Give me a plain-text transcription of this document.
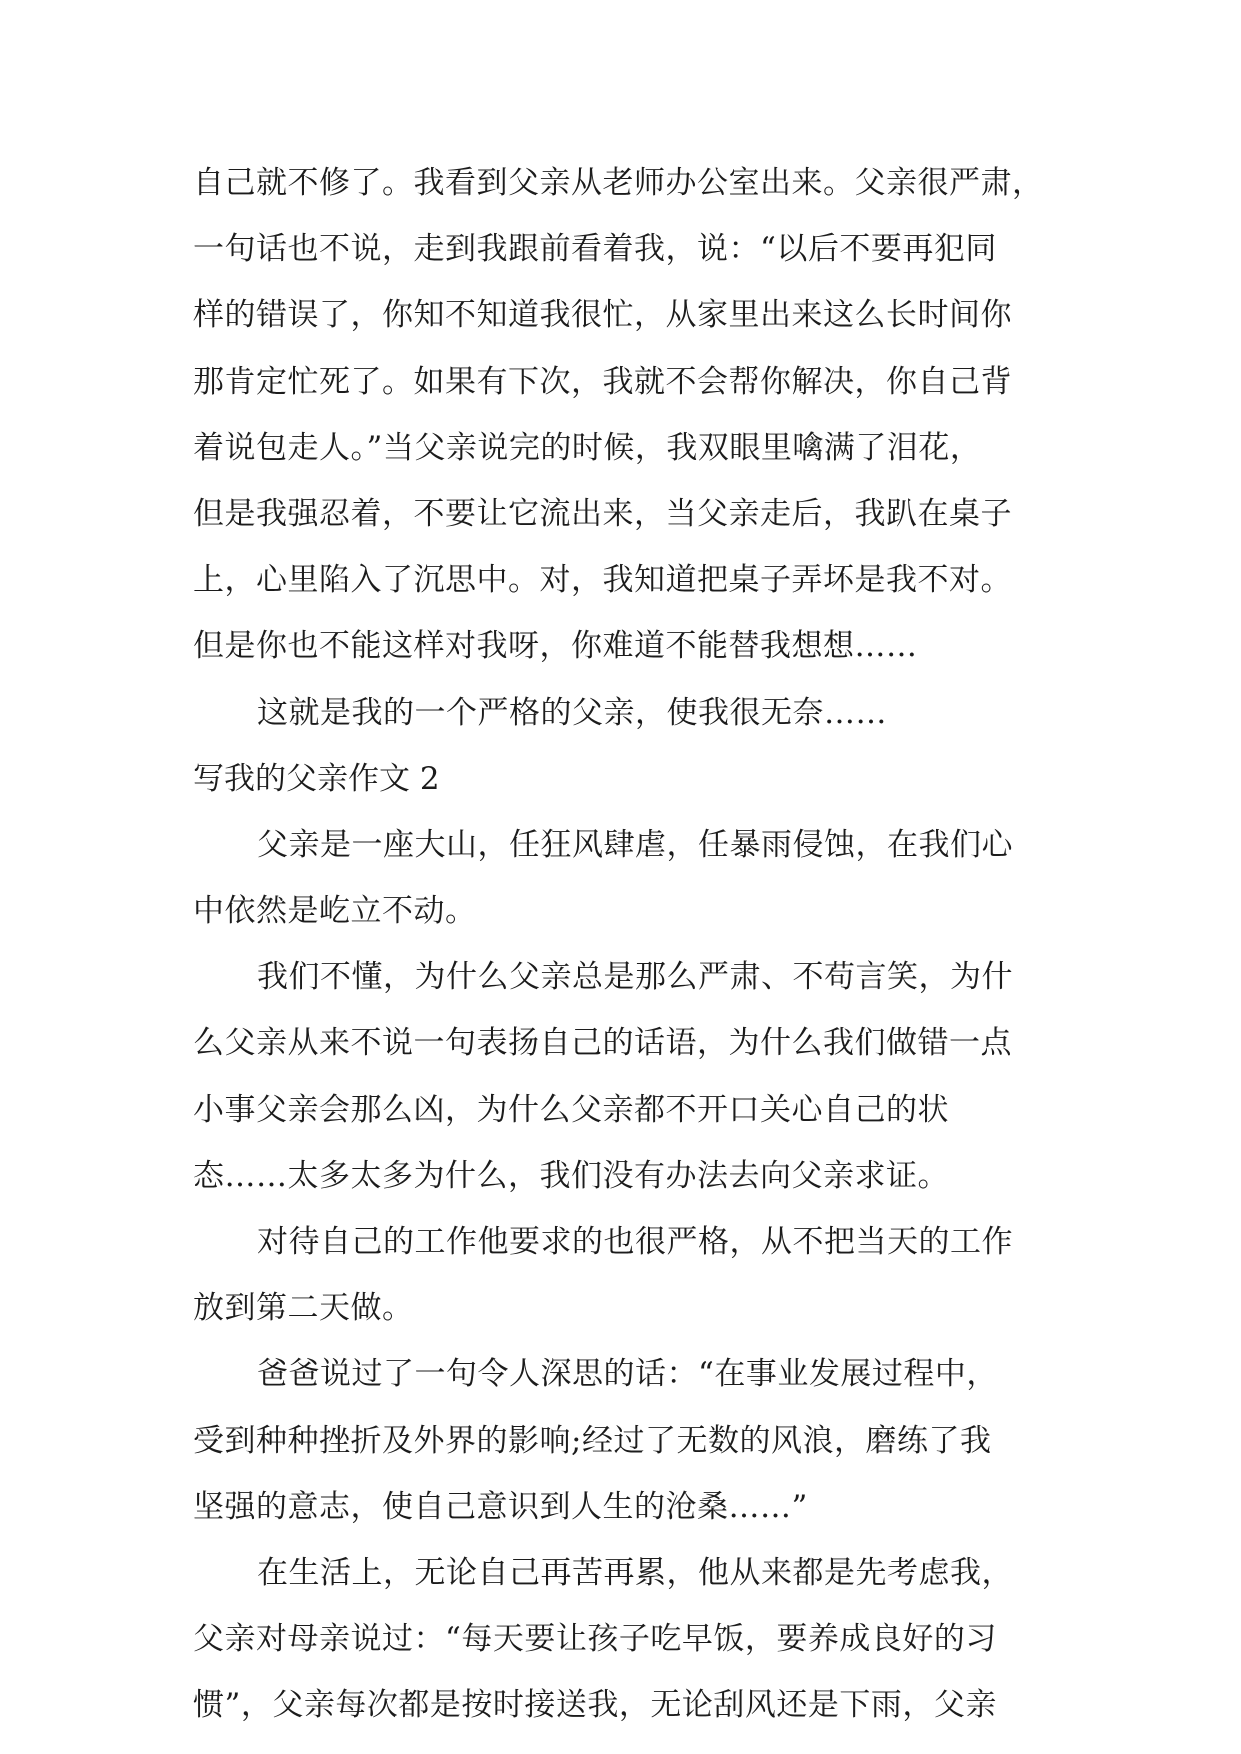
自己就不修了。我看到父亲从老师办公室出来。父亲很严肃，
一句话也不说，走到我跟前看着我，说：“以后不要再犯同
样的错误了，你知不知道我很忙，从家里出来这么长时间你
那肯定忙死了。如果有下次，我就不会帮你解决，你自己背
着说包走人。”当父亲说完的时候，我双眼里噙满了泪花，
但是我强忍着，不要让它流出来，当父亲走后，我趴在桌子
上，心里陷入了沉思中。对，我知道把桌子弄坏是我不对。
但是你也不能这样对我呀，你难道不能替我想想……
这就是我的一个严格的父亲，使我很无奈……
写我的父亲作文 2
父亲是一座大山，任狂风肆虐，任暴雨侵蚀，在我们心
中依然是屹立不动。
我们不懂，为什么父亲总是那么严肃、不苟言笑，为什
么父亲从来不说一句表扬自己的话语，为什么我们做错一点
小事父亲会那么凶，为什么父亲都不开口关心自己的状
态……太多太多为什么，我们没有办法去向父亲求证。
对待自己的工作他要求的也很严格，从不把当天的工作
放到第二天做。
爸爸说过了一句令人深思的话：“在事业发展过程中，
受到种种挫折及外界的影响;经过了无数的风浪，磨练了我
坚强的意志，使自己意识到人生的沧桑……”
在生活上，无论自己再苦再累，他从来都是先考虑我，
父亲对母亲说过：“每天要让孩子吃早饭，要养成良好的习
惯”，父亲每次都是按时接送我，无论刮风还是下雨，父亲
